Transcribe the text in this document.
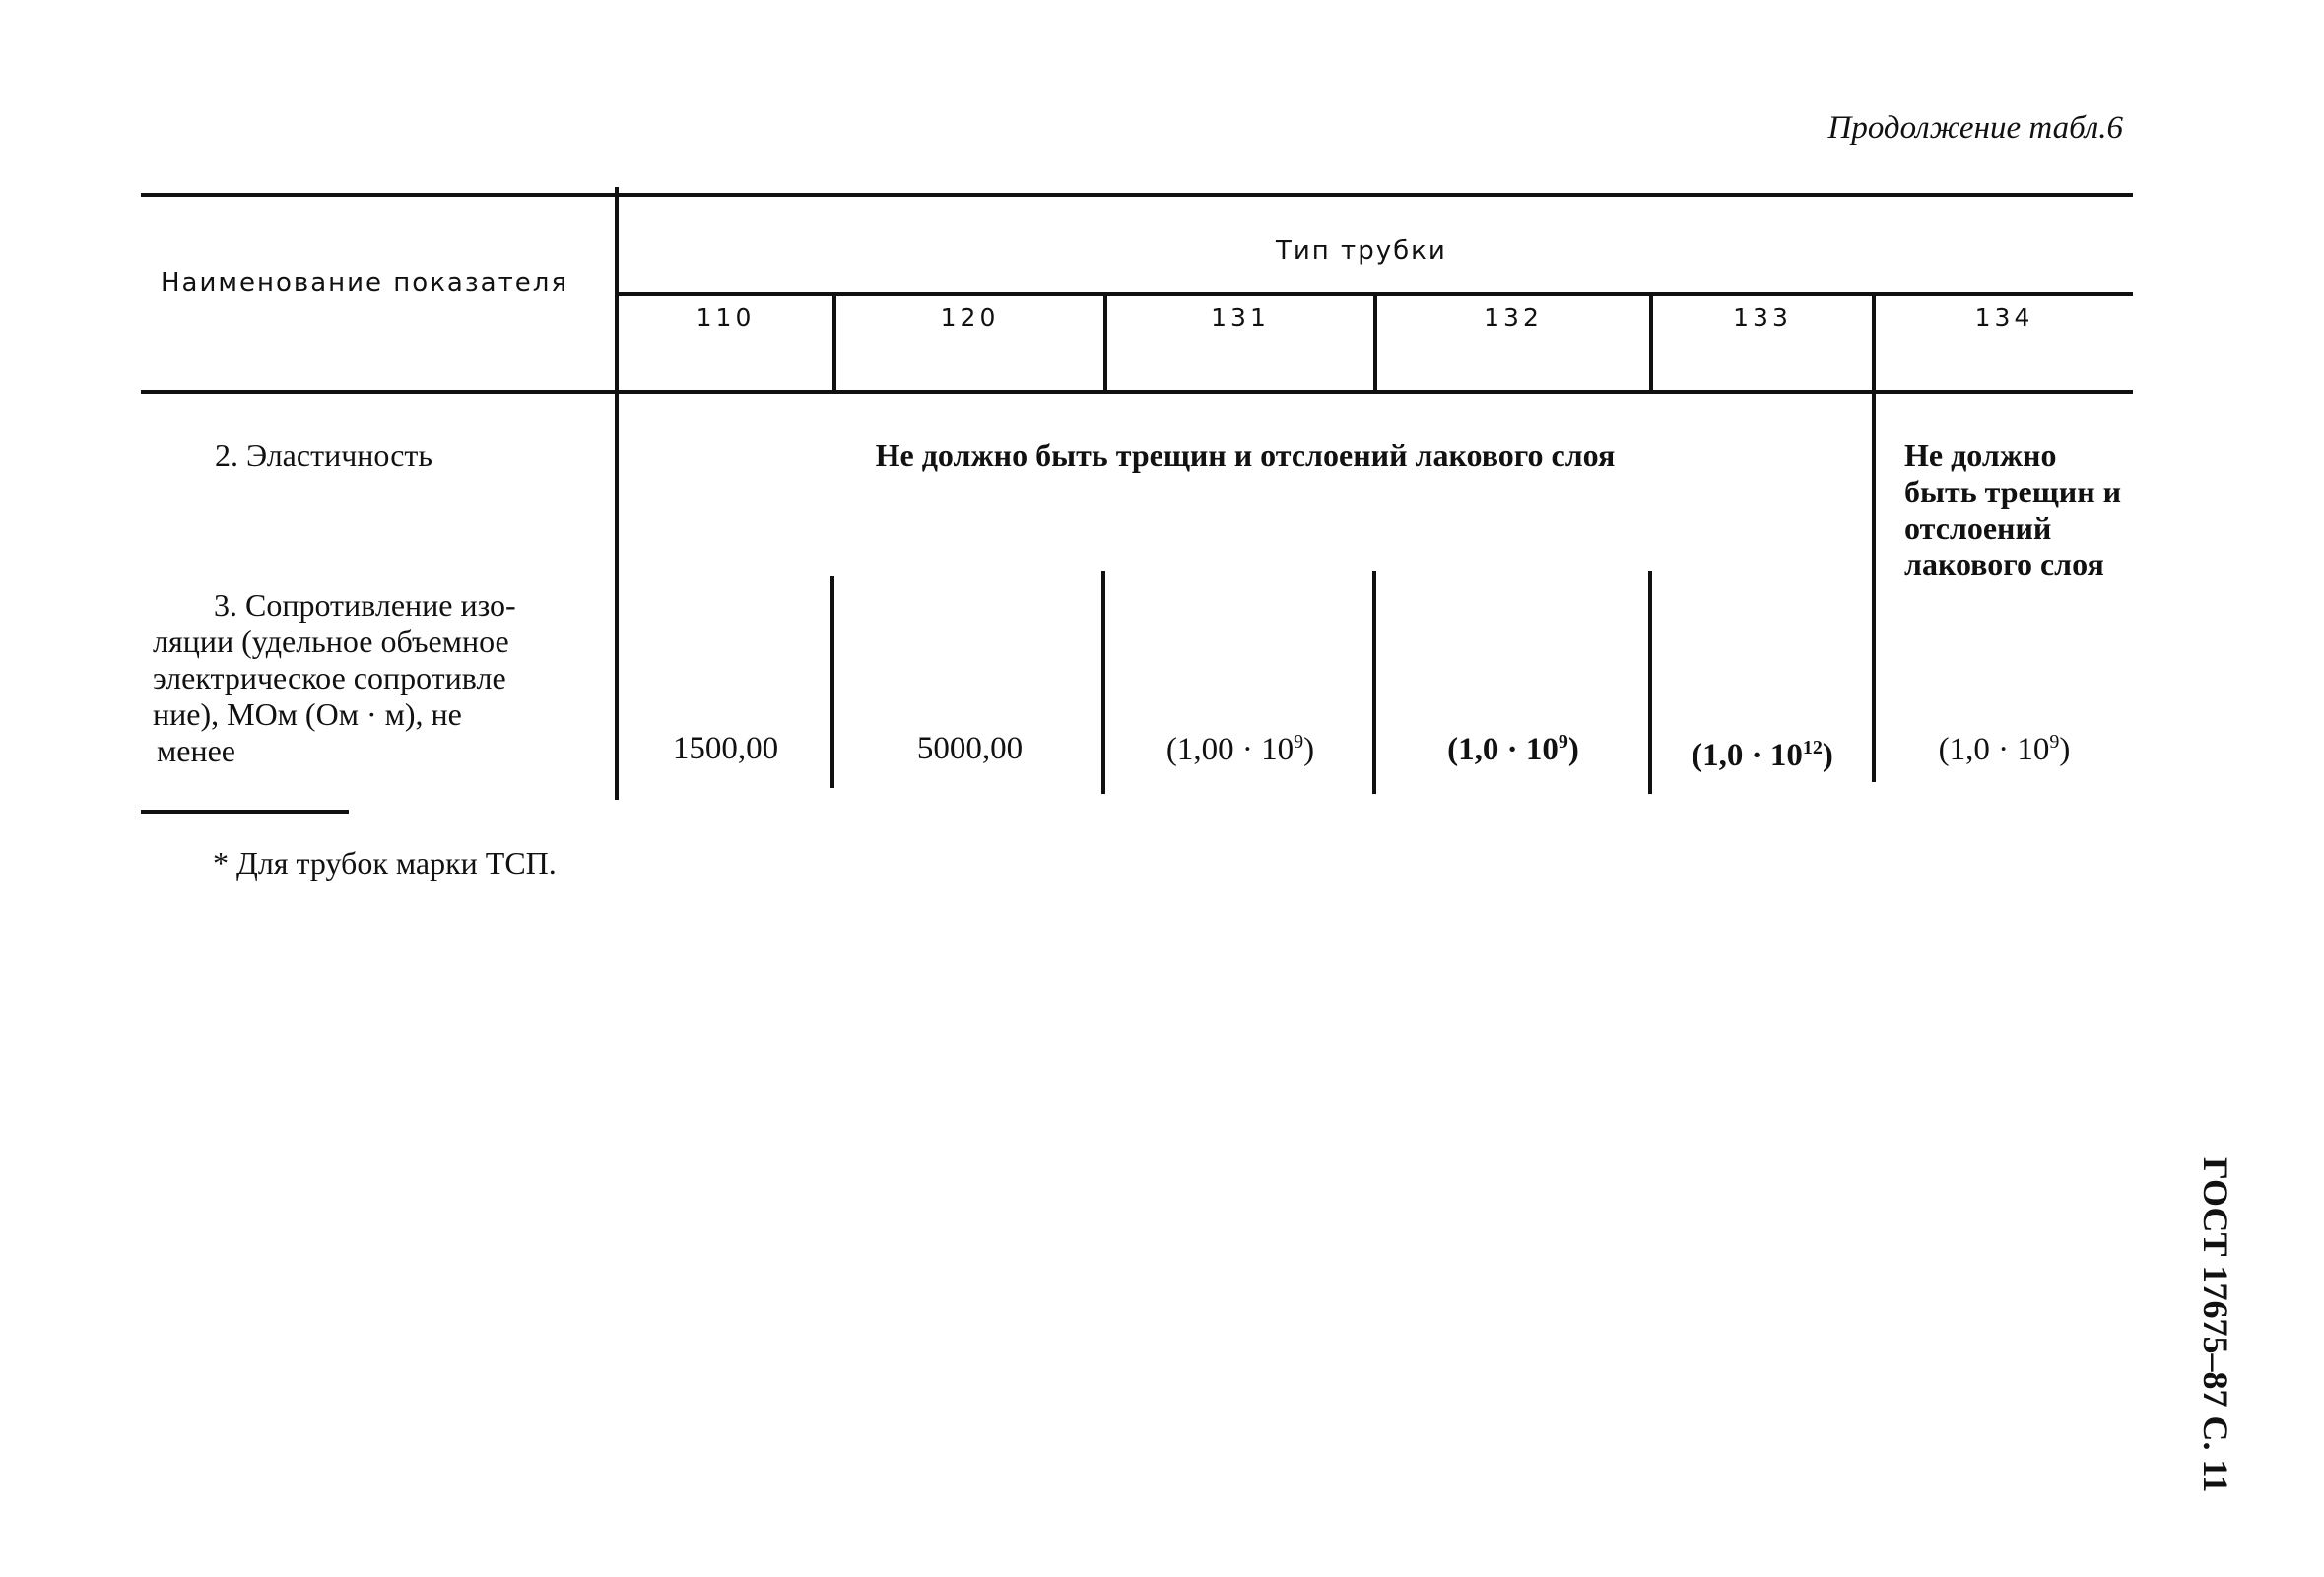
Продолжение табл.6
Наименование показателя
Тип трубки
110	120	131	132	133	134
2. Эластичность	Не должно быть трещин и отслоений лакового слоя	Не должно быть трещин и отслоений лакового слоя
3. Сопротивление изо-
ляции (удельное объемное
электрическое сопротивле
ние), МОм (Ом · м), не
менее	1500,00	5000,00	$(1,00 \cdot 10^9)$	$(1,0 \cdot 10^9)$	$(1,0 \cdot 10^{12})$	$(1,0 \cdot 10^9)$
* Для трубок марки ТСП.
ГОСТ 17675–87 С. 11
